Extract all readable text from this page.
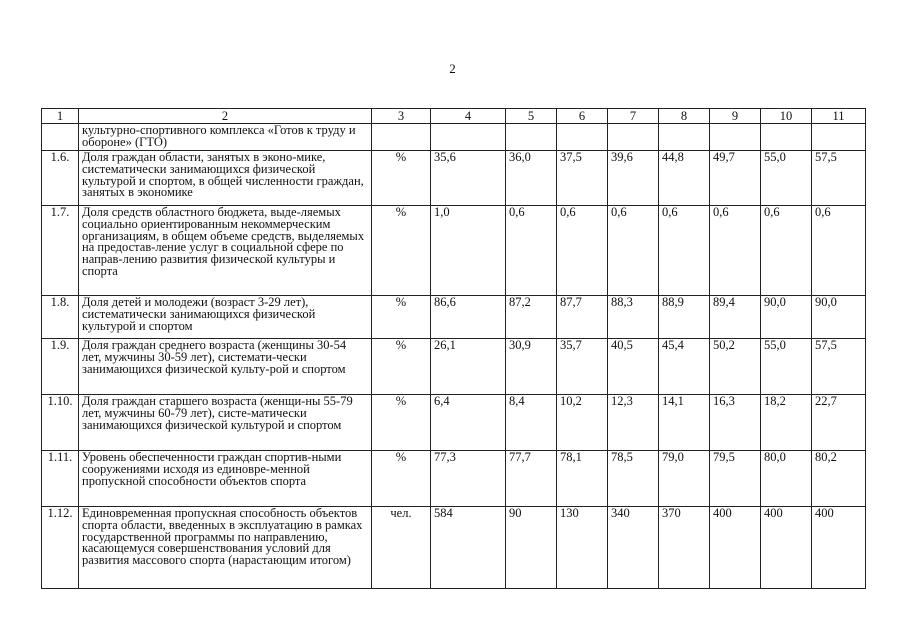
2
1	2	3	4	5	6	7	8	9	10	11
	культурно-спортивного комплекса «Готов к труду и обороне» (ГТО)									
1.6.	Доля граждан области, занятых в эконо-мике, систематически занимающихся физической культурой и спортом, в общей численности граждан, занятых в экономике	%	35,6	36,0	37,5	39,6	44,8	49,7	55,0	57,5
1.7.	Доля средств областного бюджета, выде-ляемых социально ориентированным некоммерческим организациям, в общем объеме средств, выделяемых на предостав-ление услуг в социальной сфере по направ-лению развития физической культуры и спорта	%	1,0	0,6	0,6	0,6	0,6	0,6	0,6	0,6
1.8.	Доля детей и молодежи (возраст 3-29 лет), систематически занимающихся физической культурой и спортом	%	86,6	87,2	87,7	88,3	88,9	89,4	90,0	90,0
1.9.	Доля граждан среднего возраста (женщины 30-54 лет, мужчины 30-59 лет), системати-чески занимающихся физической культу-рой и спортом	%	26,1	30,9	35,7	40,5	45,4	50,2	55,0	57,5
1.10.	Доля граждан старшего возраста (женщи-ны 55-79 лет, мужчины 60-79 лет), систе-матически занимающихся физической культурой и спортом	%	6,4	8,4	10,2	12,3	14,1	16,3	18,2	22,7
1.11.	Уровень обеспеченности граждан спортив-ными сооружениями исходя из единовре-менной пропускной способности объектов спорта	%	77,3	77,7	78,1	78,5	79,0	79,5	80,0	80,2
1.12.	Единовременная пропускная способность объектов спорта области, введенных в эксплуатацию в рамках государственной программы по направлению, касающемуся совершенствования условий для развития массового спорта (нарастающим итогом)	чел.	584	90	130	340	370	400	400	400
